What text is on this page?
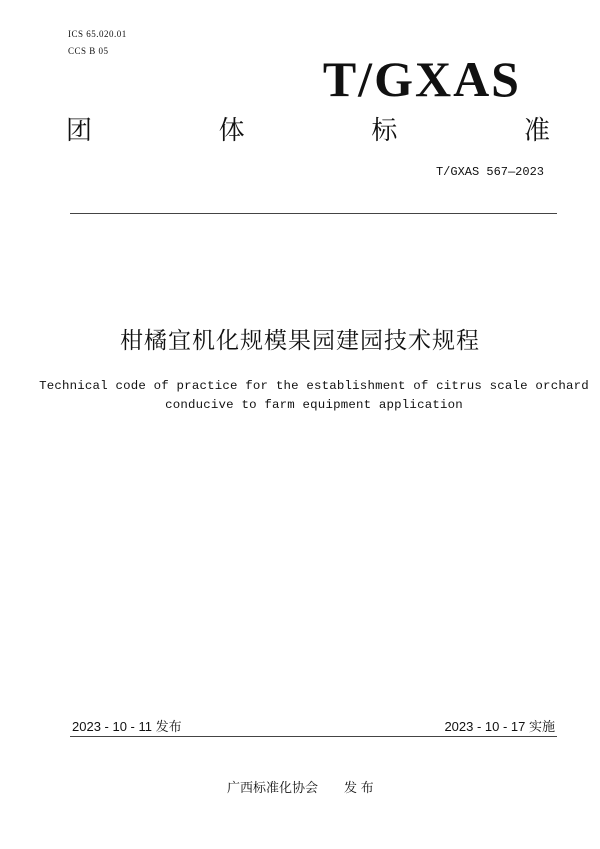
ICS 65.020.01
CCS B 05	T/GXAS
团	体	标	准
T/GXAS 567—2023
柑橘宜机化规模果园建园技术规程
Technical code of practice for the establishment of citrus scale orchard
conducive to farm equipment application
2023 - 10 - 11 发布	2023 - 10 - 17 实施
广西标准化协会 发 布
